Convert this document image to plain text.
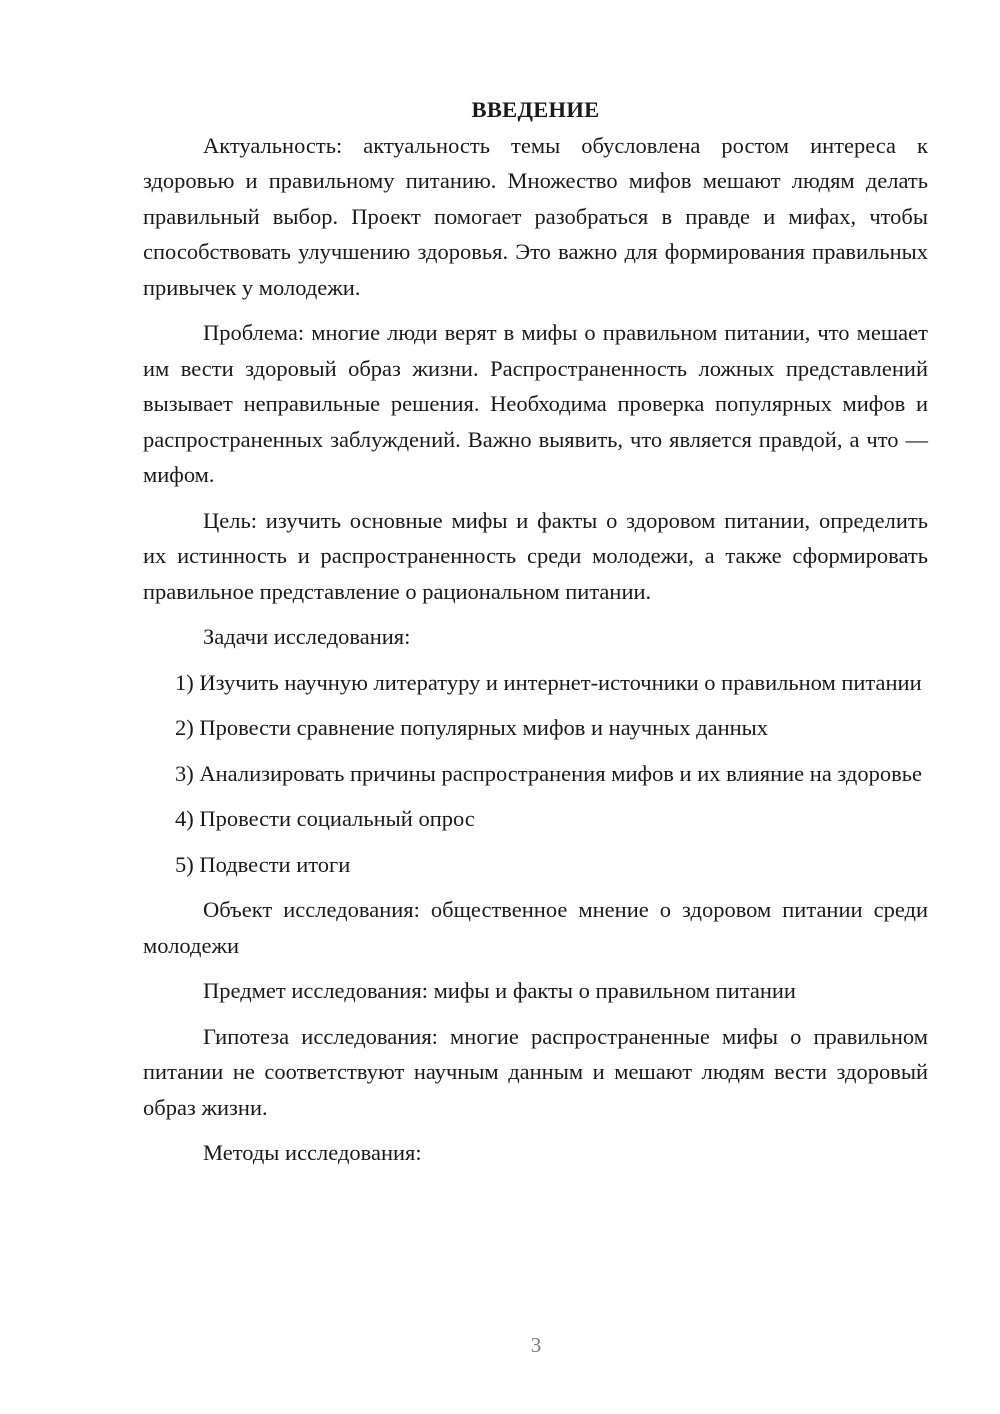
ВВЕДЕНИЕ

Актуальность: актуальность темы обусловлена ростом интереса к здоровью и правильному питанию. Множество мифов мешают людям делать правильный выбор. Проект помогает разобраться в правде и мифах, чтобы способствовать улучшению здоровья. Это важно для формирования правильных привычек у молодежи.

Проблема: многие люди верят в мифы о правильном питании, что мешает им вести здоровый образ жизни. Распространенность ложных представлений вызывает неправильные решения. Необходима проверка популярных мифов и распространенных заблуждений. Важно выявить, что является правдой, а что — мифом.

Цель: изучить основные мифы и факты о здоровом питании, определить их истинность и распространенность среди молодежи, а также сформировать правильное представление о рациональном питании.

Задачи исследования:

1) Изучить научную литературу и интернет-источники о правильном питании

2) Провести сравнение популярных мифов и научных данных

3) Анализировать причины распространения мифов и их влияние на здоровье

4) Провести социальный опрос

5) Подвести итоги

Объект исследования: общественное мнение о здоровом питании среди молодежи

Предмет исследования: мифы и факты о правильном питании

Гипотеза исследования: многие распространенные мифы о правильном питании не соответствуют научным данным и мешают людям вести здоровый образ жизни.

Методы исследования:

3
